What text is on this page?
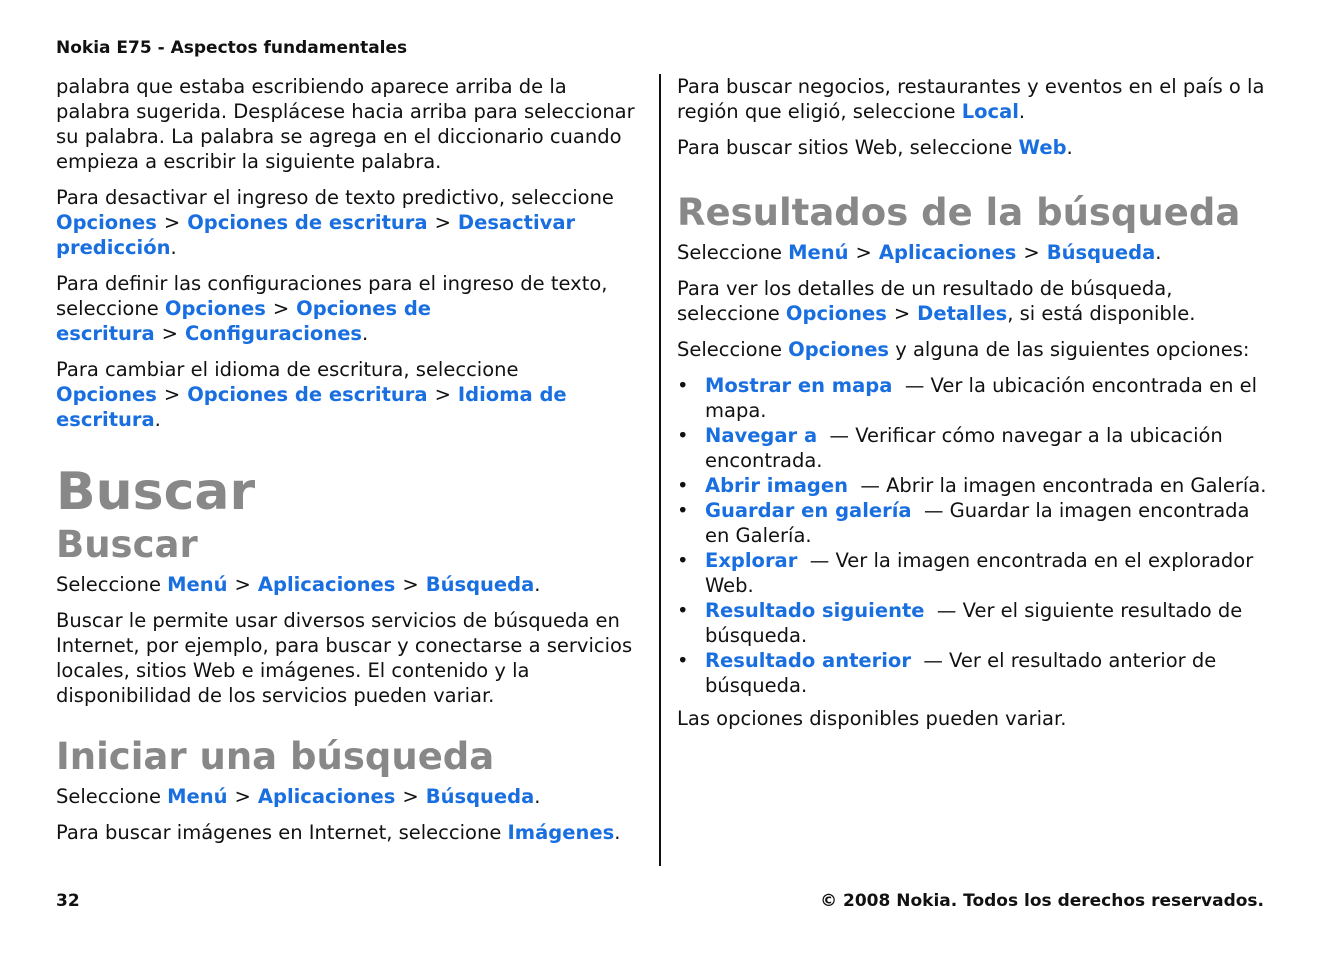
Nokia E75 - Aspectos fundamentales

palabra que estaba escribiendo aparece arriba de la palabra sugerida. Desplácese hacia arriba para seleccionar su palabra. La palabra se agrega en el diccionario cuando empieza a escribir la siguiente palabra.

Para desactivar el ingreso de texto predictivo, seleccione Opciones > Opciones de escritura > Desactivar predicción.

Para definir las configuraciones para el ingreso de texto, seleccione Opciones > Opciones de escritura > Configuraciones.

Para cambiar el idioma de escritura, seleccione Opciones > Opciones de escritura > Idioma de escritura.

Buscar
Buscar

Seleccione Menú > Aplicaciones > Búsqueda.

Buscar le permite usar diversos servicios de búsqueda en Internet, por ejemplo, para buscar y conectarse a servicios locales, sitios Web e imágenes. El contenido y la disponibilidad de los servicios pueden variar.

Iniciar una búsqueda

Seleccione Menú > Aplicaciones > Búsqueda.

Para buscar imágenes en Internet, seleccione Imágenes.

Para buscar negocios, restaurantes y eventos en el país o la región que eligió, seleccione Local.

Para buscar sitios Web, seleccione Web.

Resultados de la búsqueda

Seleccione Menú > Aplicaciones > Búsqueda.

Para ver los detalles de un resultado de búsqueda, seleccione Opciones > Detalles, si está disponible.

Seleccione Opciones y alguna de las siguientes opciones:

• Mostrar en mapa — Ver la ubicación encontrada en el mapa.
• Navegar a — Verificar cómo navegar a la ubicación encontrada.
• Abrir imagen — Abrir la imagen encontrada en Galería.
• Guardar en galería — Guardar la imagen encontrada en Galería.
• Explorar — Ver la imagen encontrada en el explorador Web.
• Resultado siguiente — Ver el siguiente resultado de búsqueda.
• Resultado anterior — Ver el resultado anterior de búsqueda.

Las opciones disponibles pueden variar.

32	© 2008 Nokia. Todos los derechos reservados.
